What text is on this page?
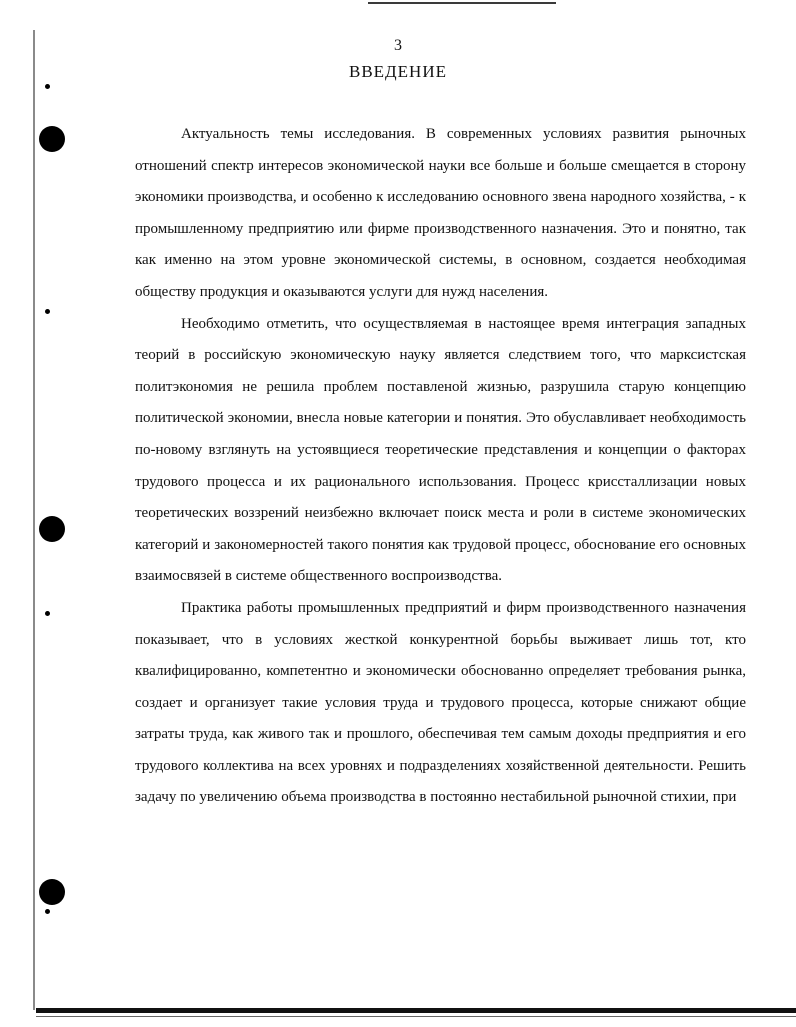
3
ВВЕДЕНИЕ

Актуальность темы исследования. В современных условиях развития рыночных отношений спектр интересов экономической науки все больше и больше смещается в сторону экономики производства, и особенно к исследованию основного звена народного хозяйства, - к промышленному предприятию или фирме производственного назначения. Это и понятно, так как именно на этом уровне экономической системы, в основном, создается необходимая обществу продукция и оказываются услуги для нужд населения.

Необходимо отметить, что осуществляемая в настоящее время интеграция западных теорий в российскую экономическую науку является следствием того, что марксистская политэкономия не решила проблем поставленой жизнью, разрушила старую концепцию политической экономии, внесла новые категории и понятия. Это обуславливает необходимость по-новому взглянуть на устоявщиеся теоретические представления и концепции о факторах трудового процесса и их рационального использования. Процесс криссталлизации новых теоретических воззрений неизбежно включает поиск места и роли в системе экономических категорий и закономерностей такого понятия как трудовой процесс, обоснование его основных взаимосвязей в системе общественного воспроизводства.

Практика работы промышленных предприятий и фирм производственного назначения показывает, что в условиях жесткой конкурентной борьбы выживает лишь тот, кто квалифицированно, компетентно и экономически обоснованно определяет требования рынка, создает и организует такие условия труда и трудового процесса, которые снижают общие затраты труда, как живого так и прошлого, обеспечивая тем самым доходы предприятия и его трудового коллектива на всех уровнях и подразделениях хозяйственной деятельности. Решить задачу по увеличению объема производства в постоянно нестабильной рыночной стихии, при
